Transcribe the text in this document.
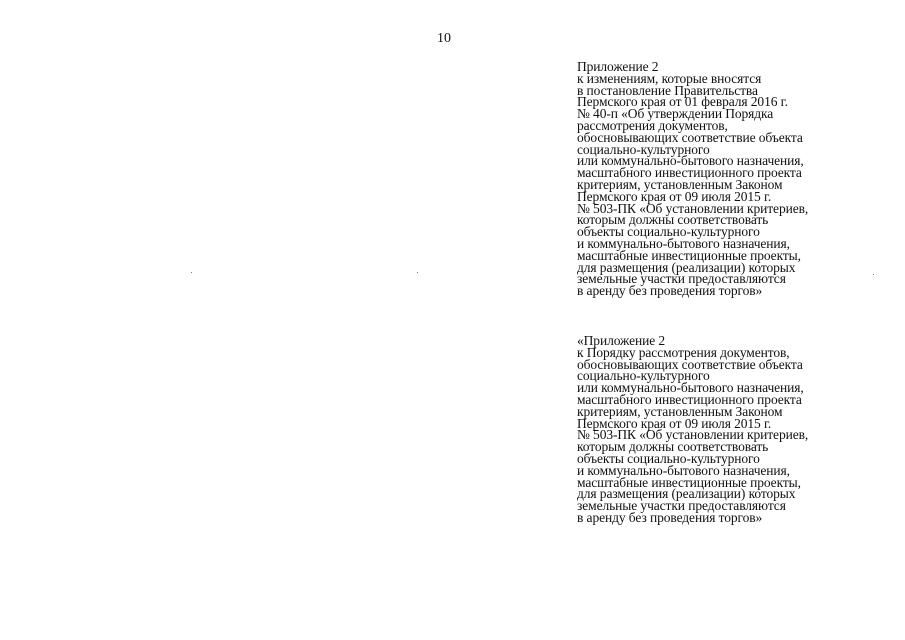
10
Приложение 2
к изменениям, которые вносятся
в постановление Правительства
Пермского края от 01 февраля 2016 г.
№ 40-п «Об утверждении Порядка
рассмотрения документов,
обосновывающих соответствие объекта
социально-культурного
или коммунально-бытового назначения,
масштабного инвестиционного проекта
критериям, установленным Законом
Пермского края от 09 июля 2015 г.
№ 503-ПК «Об установлении критериев,
которым должны соответствовать
объекты социально-культурного
и коммунально-бытового назначения,
масштабные инвестиционные проекты,
для размещения (реализации) которых
земельные участки предоставляются
в аренду без проведения торгов»
«Приложение 2
к Порядку рассмотрения документов,
обосновывающих соответствие объекта
социально-культурного
или коммунально-бытового назначения,
масштабного инвестиционного проекта
критериям, установленным Законом
Пермского края от 09 июля 2015 г.
№ 503-ПК «Об установлении критериев,
которым должны соответствовать
объекты социально-культурного
и коммунально-бытового назначения,
масштабные инвестиционные проекты,
для размещения (реализации) которых
земельные участки предоставляются
в аренду без проведения торгов»
